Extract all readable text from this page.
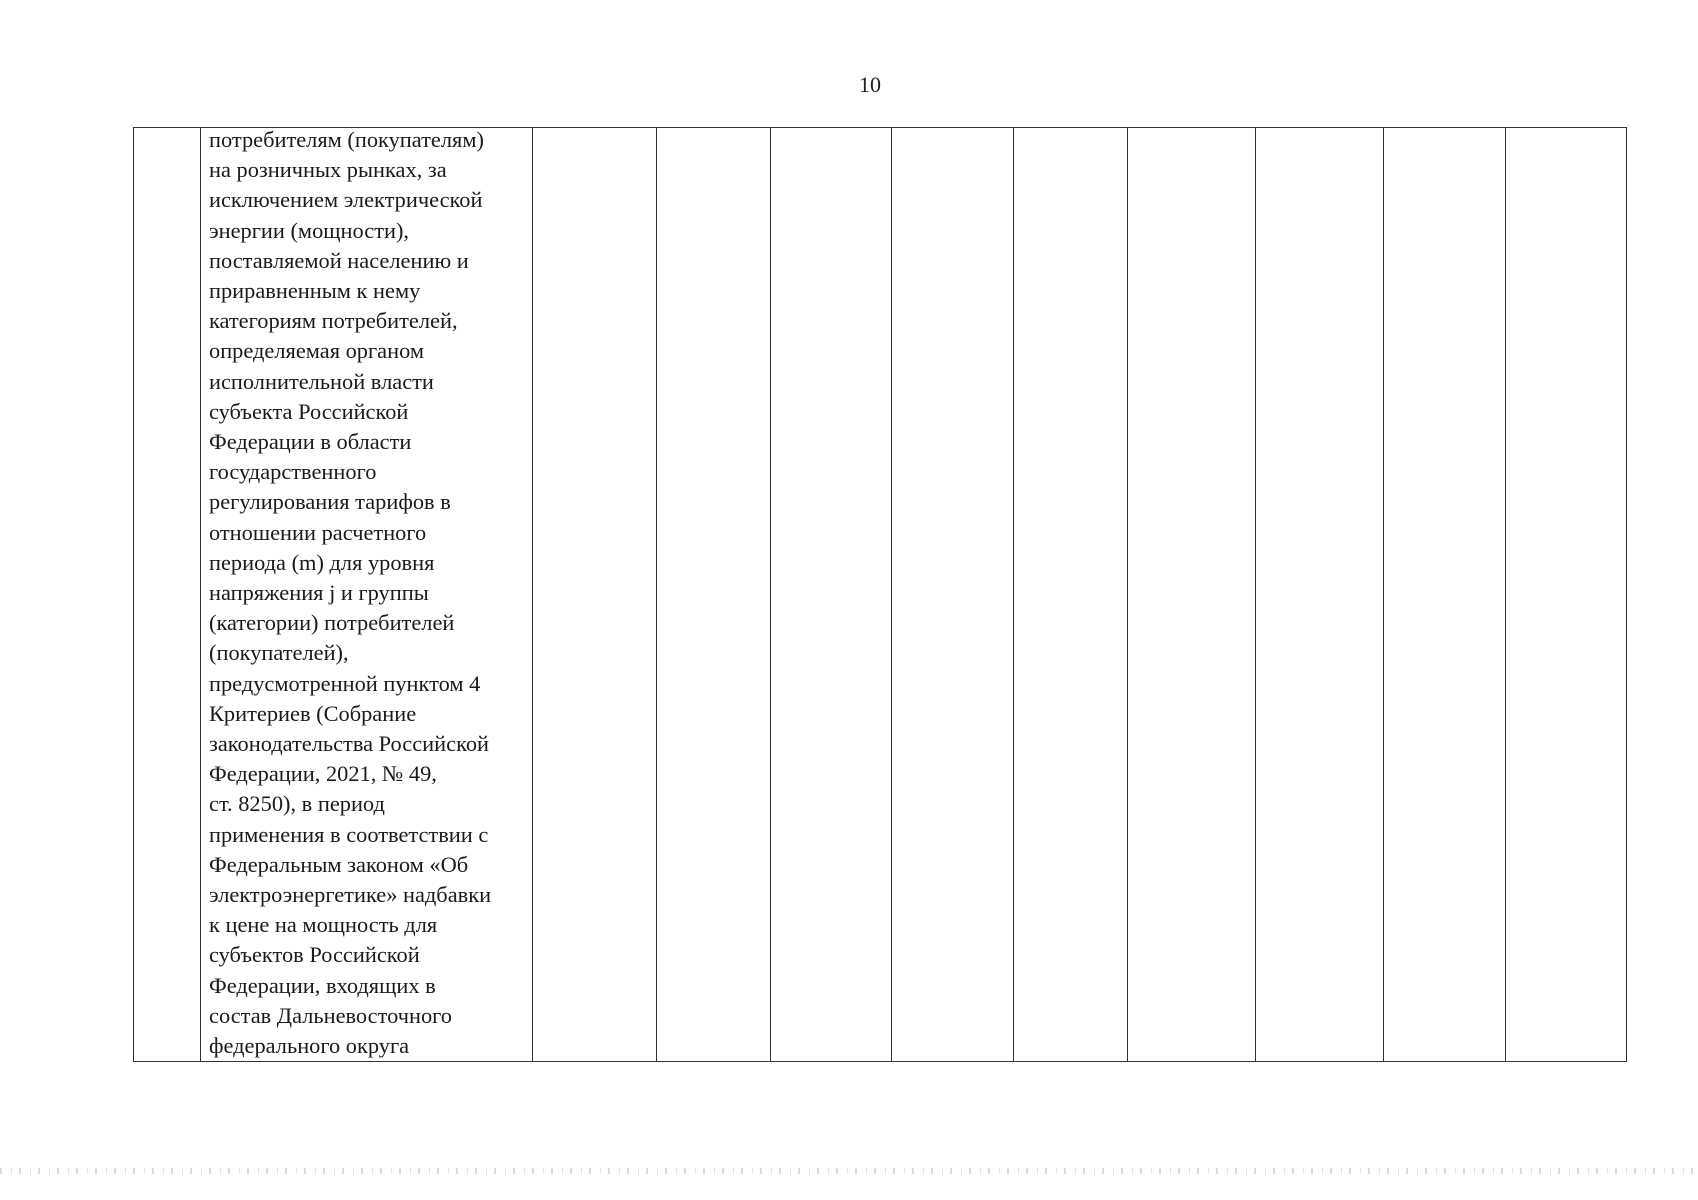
10

потребителям (покупателям)
на розничных рынках, за
исключением электрической
энергии (мощности),
поставляемой населению и
приравненным к нему
категориям потребителей,
определяемая органом
исполнительной власти
субъекта Российской
Федерации в области
государственного
регулирования тарифов в
отношении расчетного
периода (m) для уровня
напряжения j и группы
(категории) потребителей
(покупателей),
предусмотренной пунктом 4
Критериев (Собрание
законодательства Российской
Федерации, 2021, № 49,
ст. 8250), в период
применения в соответствии с
Федеральным законом «Об
электроэнергетике» надбавки
к цене на мощность для
субъектов Российской
Федерации, входящих в
состав Дальневосточного
федерального округа
